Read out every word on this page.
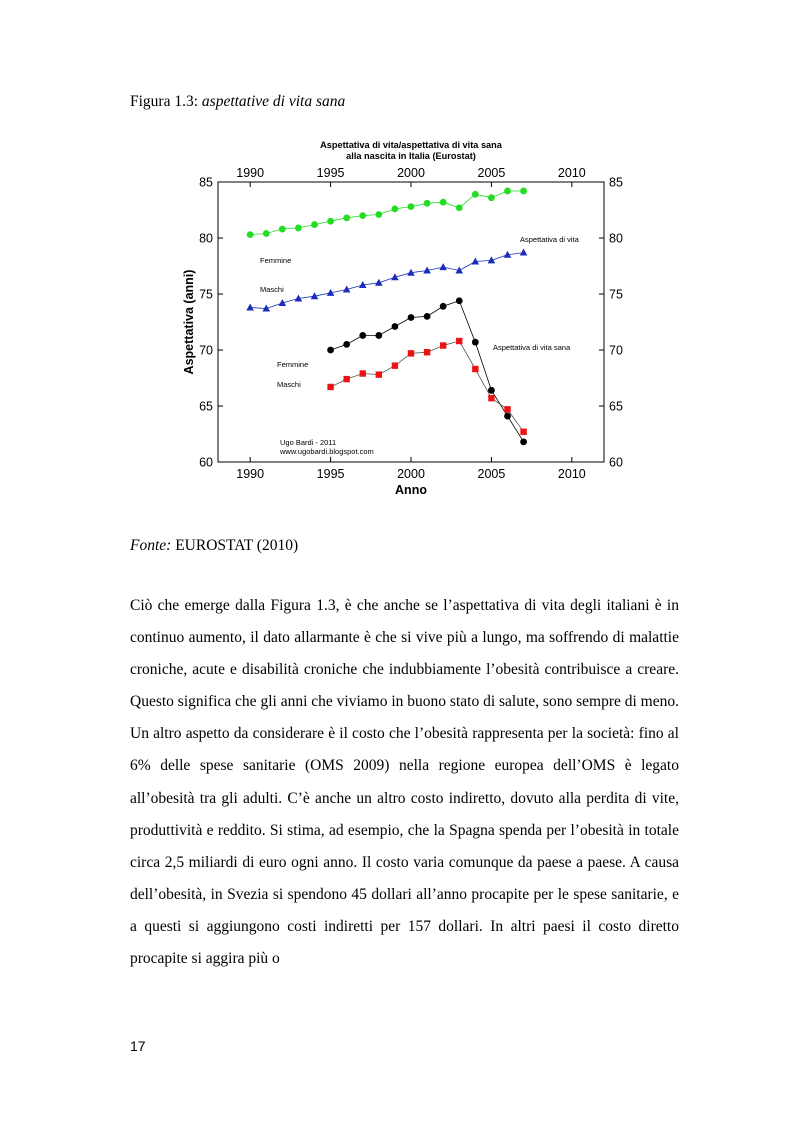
Figura 1.3: aspettative di vita sana
Aspettativa di vita/aspettativa di vita sana
alla nascita in Italia (Eurostat)
1990
1990
1995
1995
2000
2000
2005
2005
2010
2010
60	60
65	65
70	70
75	75
80	80
85	85
Anno
Aspettativa (anni)
Aspettativa di vita
Femmine
Maschi
Aspettativa di vita sana
Femmine
Maschi
Ugo Bardi - 2011
www.ugobardi.blogspot.com
Fonte: EUROSTAT (2010)

Ciò che emerge dalla Figura 1.3, è che anche se l’aspettativa di vita degli italiani è in continuo aumento, il dato allarmante è che si vive più a lungo, ma soffrendo di malattie croniche, acute e disabilità croniche che indubbiamente l’obesità contribuisce a creare. Questo significa che gli anni che viviamo in buono stato di salute, sono sempre di meno. Un altro aspetto da considerare è il costo che l’obesità rappresenta per la società: fino al 6% delle spese sanitarie (OMS 2009) nella regione europea dell’OMS è legato all’obesità tra gli adulti. C’è anche un altro costo indiretto, dovuto alla perdita di vite, produttività e reddito. Si stima, ad esempio, che la Spagna spenda per l’obesità in totale circa 2,5 miliardi di euro ogni anno. Il costo varia comunque da paese a paese. A causa dell’obesità, in Svezia si spendono 45 dollari all’anno procapite per le spese sanitarie, e a questi si aggiungono costi indiretti per 157 dollari. In altri paesi il costo diretto procapite si aggira più o

17
